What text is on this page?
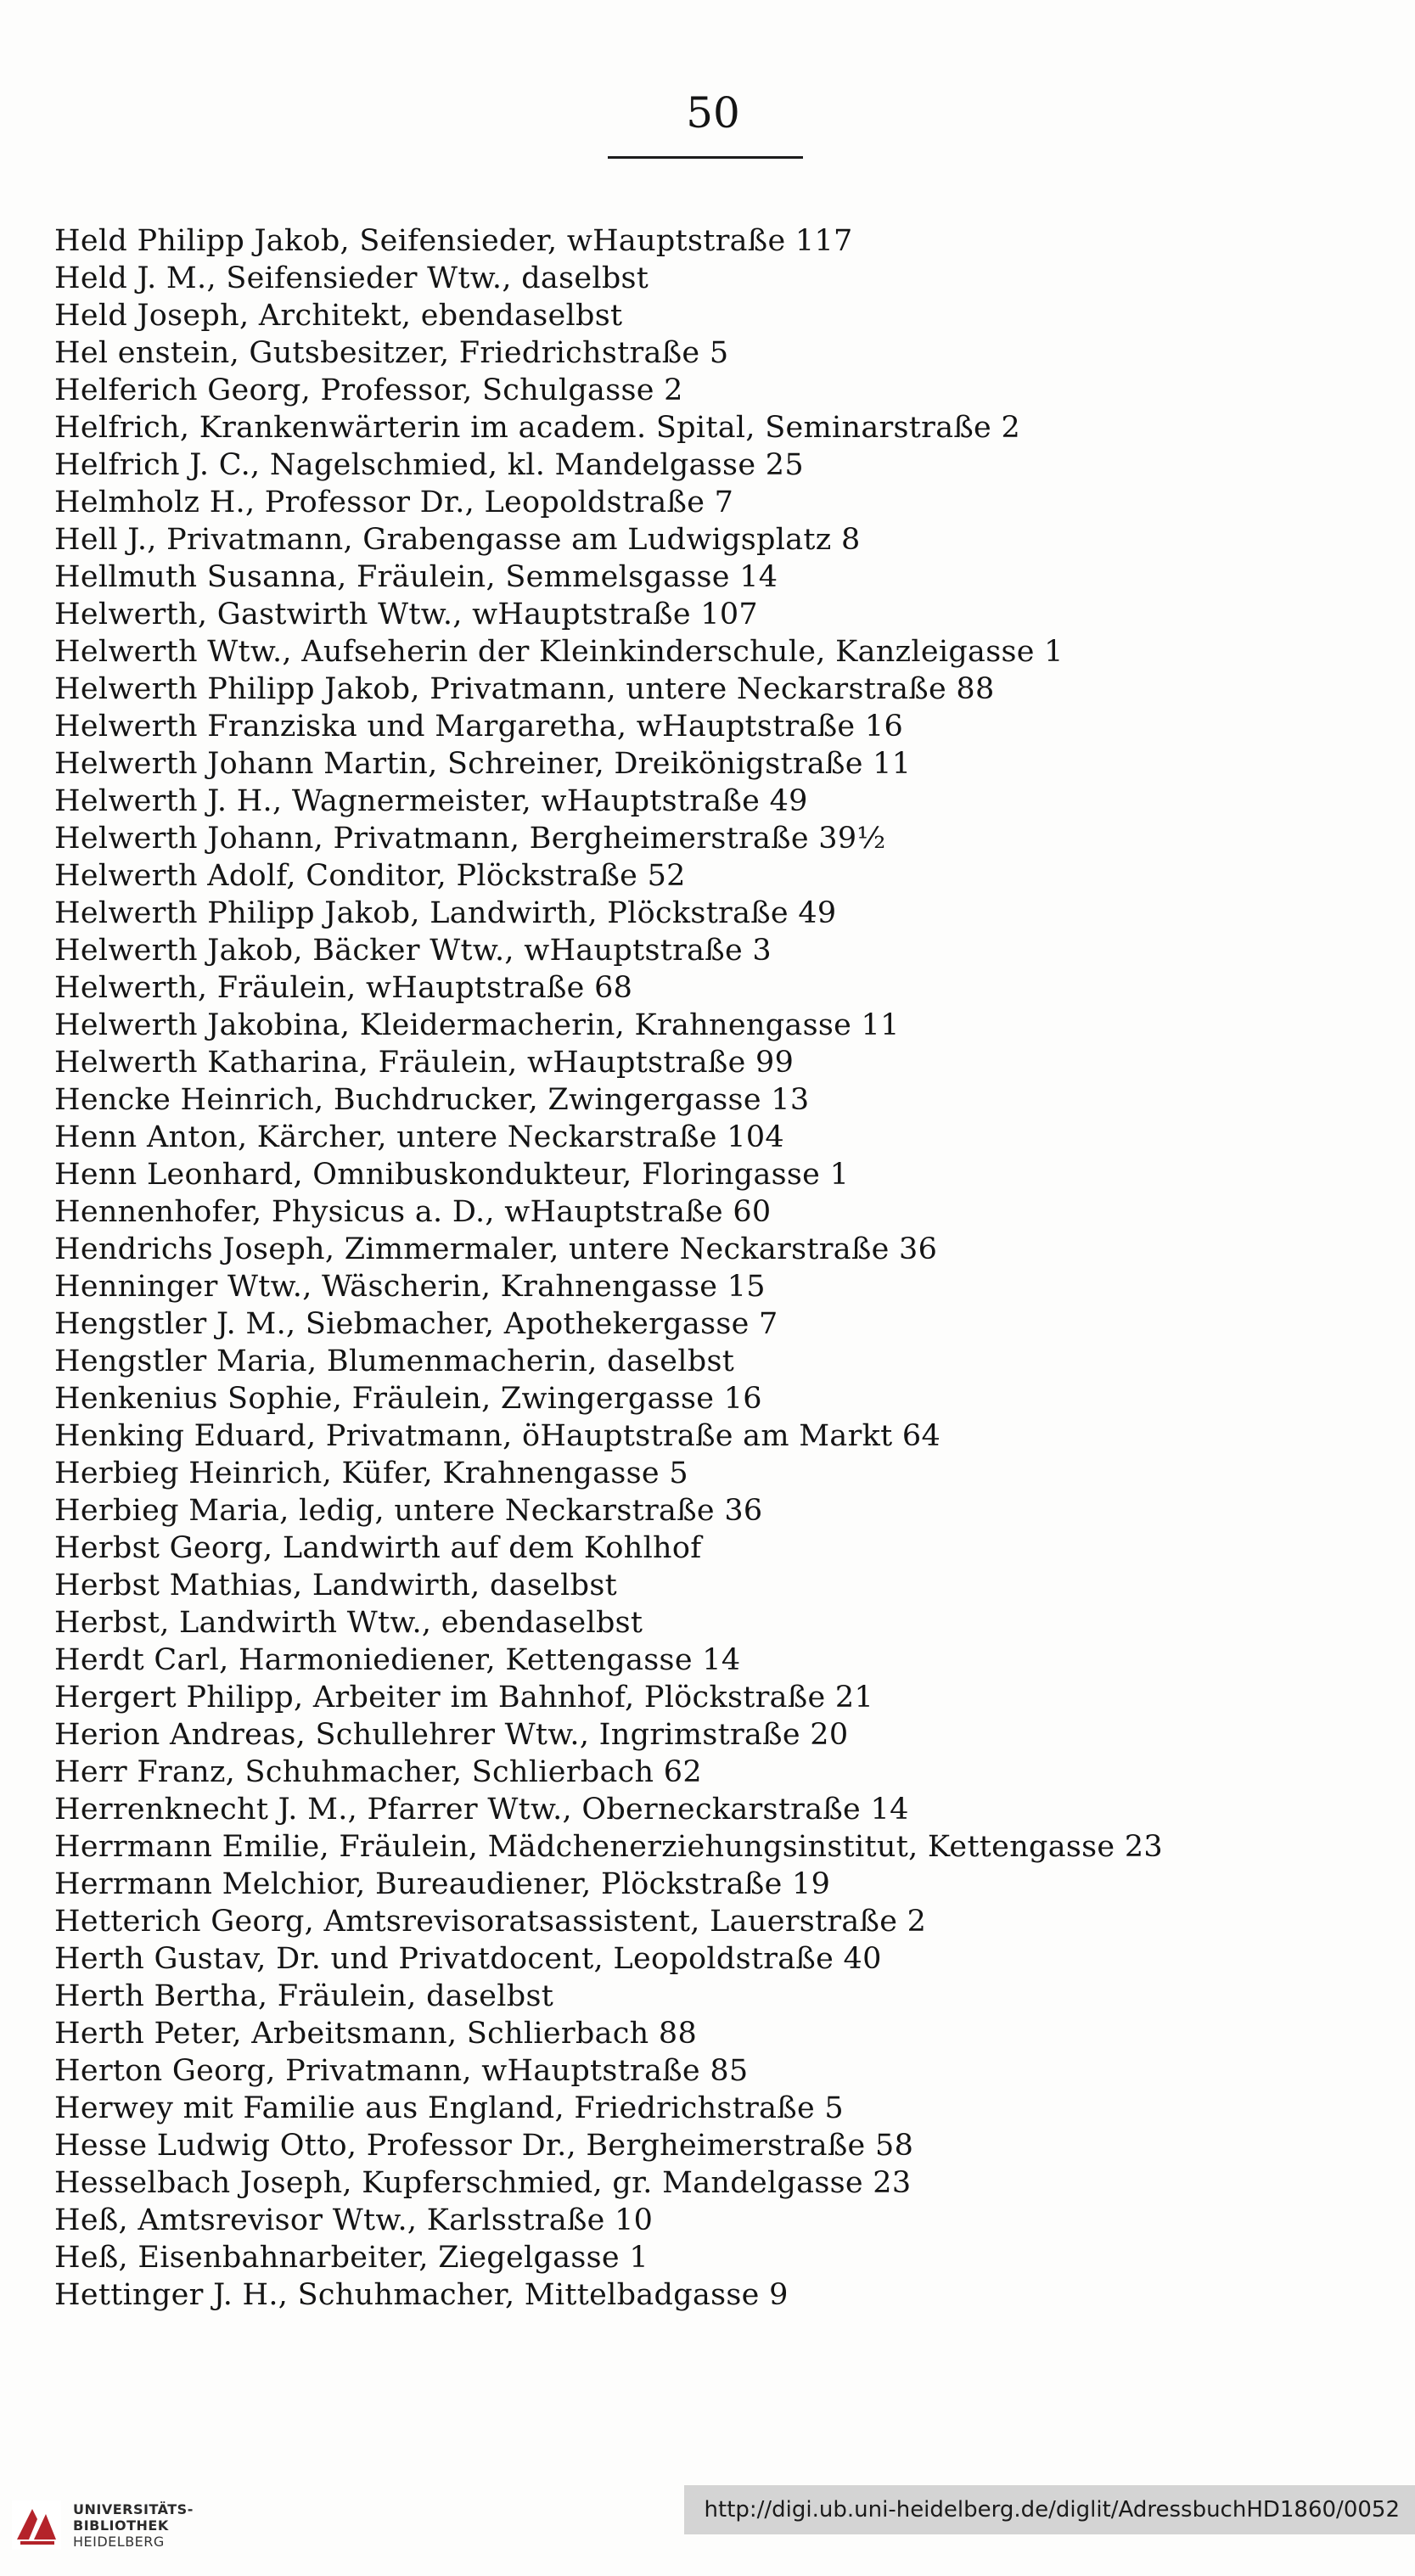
50
Held Philipp Jakob, Seifensieder, wHauptstraße 117
Held J. M., Seifensieder Wtw., daselbst
Held Joseph, Architekt, ebendaselbst
Hel enstein, Gutsbesitzer, Friedrichstraße 5
Helferich Georg, Professor, Schulgasse 2
Helfrich, Krankenwärterin im academ. Spital, Seminarstraße 2
Helfrich J. C., Nagelschmied, kl. Mandelgasse 25
Helmholz H., Professor Dr., Leopoldstraße 7
Hell J., Privatmann, Grabengasse am Ludwigsplatz 8
Hellmuth Susanna, Fräulein, Semmelsgasse 14
Helwerth, Gastwirth Wtw., wHauptstraße 107
Helwerth Wtw., Aufseherin der Kleinkinderschule, Kanzleigasse 1
Helwerth Philipp Jakob, Privatmann, untere Neckarstraße 88
Helwerth Franziska und Margaretha, wHauptstraße 16
Helwerth Johann Martin, Schreiner, Dreikönigstraße 11
Helwerth J. H., Wagnermeister, wHauptstraße 49
Helwerth Johann, Privatmann, Bergheimerstraße 39½
Helwerth Adolf, Conditor, Plöckstraße 52
Helwerth Philipp Jakob, Landwirth, Plöckstraße 49
Helwerth Jakob, Bäcker Wtw., wHauptstraße 3
Helwerth, Fräulein, wHauptstraße 68
Helwerth Jakobina, Kleidermacherin, Krahnengasse 11
Helwerth Katharina, Fräulein, wHauptstraße 99
Hencke Heinrich, Buchdrucker, Zwingergasse 13
Henn Anton, Kärcher, untere Neckarstraße 104
Henn Leonhard, Omnibuskondukteur, Floringasse 1
Hennenhofer, Physicus a. D., wHauptstraße 60
Hendrichs Joseph, Zimmermaler, untere Neckarstraße 36
Henninger Wtw., Wäscherin, Krahnengasse 15
Hengstler J. M., Siebmacher, Apothekergasse 7
Hengstler Maria, Blumenmacherin, daselbst
Henkenius Sophie, Fräulein, Zwingergasse 16
Henking Eduard, Privatmann, öHauptstraße am Markt 64
Herbieg Heinrich, Küfer, Krahnengasse 5
Herbieg Maria, ledig, untere Neckarstraße 36
Herbst Georg, Landwirth auf dem Kohlhof
Herbst Mathias, Landwirth, daselbst
Herbst, Landwirth Wtw., ebendaselbst
Herdt Carl, Harmoniediener, Kettengasse 14
Hergert Philipp, Arbeiter im Bahnhof, Plöckstraße 21
Herion Andreas, Schullehrer Wtw., Ingrimstraße 20
Herr Franz, Schuhmacher, Schlierbach 62
Herrenknecht J. M., Pfarrer Wtw., Oberneckarstraße 14
Herrmann Emilie, Fräulein, Mädchenerziehungsinstitut, Kettengasse 23
Herrmann Melchior, Bureaudiener, Plöckstraße 19
Hetterich Georg, Amtsrevisoratsassistent, Lauerstraße 2
Herth Gustav, Dr. und Privatdocent, Leopoldstraße 40
Herth Bertha, Fräulein, daselbst
Herth Peter, Arbeitsmann, Schlierbach 88
Herton Georg, Privatmann, wHauptstraße 85
Herwey mit Familie aus England, Friedrichstraße 5
Hesse Ludwig Otto, Professor Dr., Bergheimerstraße 58
Hesselbach Joseph, Kupferschmied, gr. Mandelgasse 23
Heß, Amtsrevisor Wtw., Karlsstraße 10
Heß, Eisenbahnarbeiter, Ziegelgasse 1
Hettinger J. H., Schuhmacher, Mittelbadgasse 9
UNIVERSITÄTS-
BIBLIOTHEK
HEIDELBERG
http://digi.ub.uni-heidelberg.de/diglit/AdressbuchHD1860/0052
